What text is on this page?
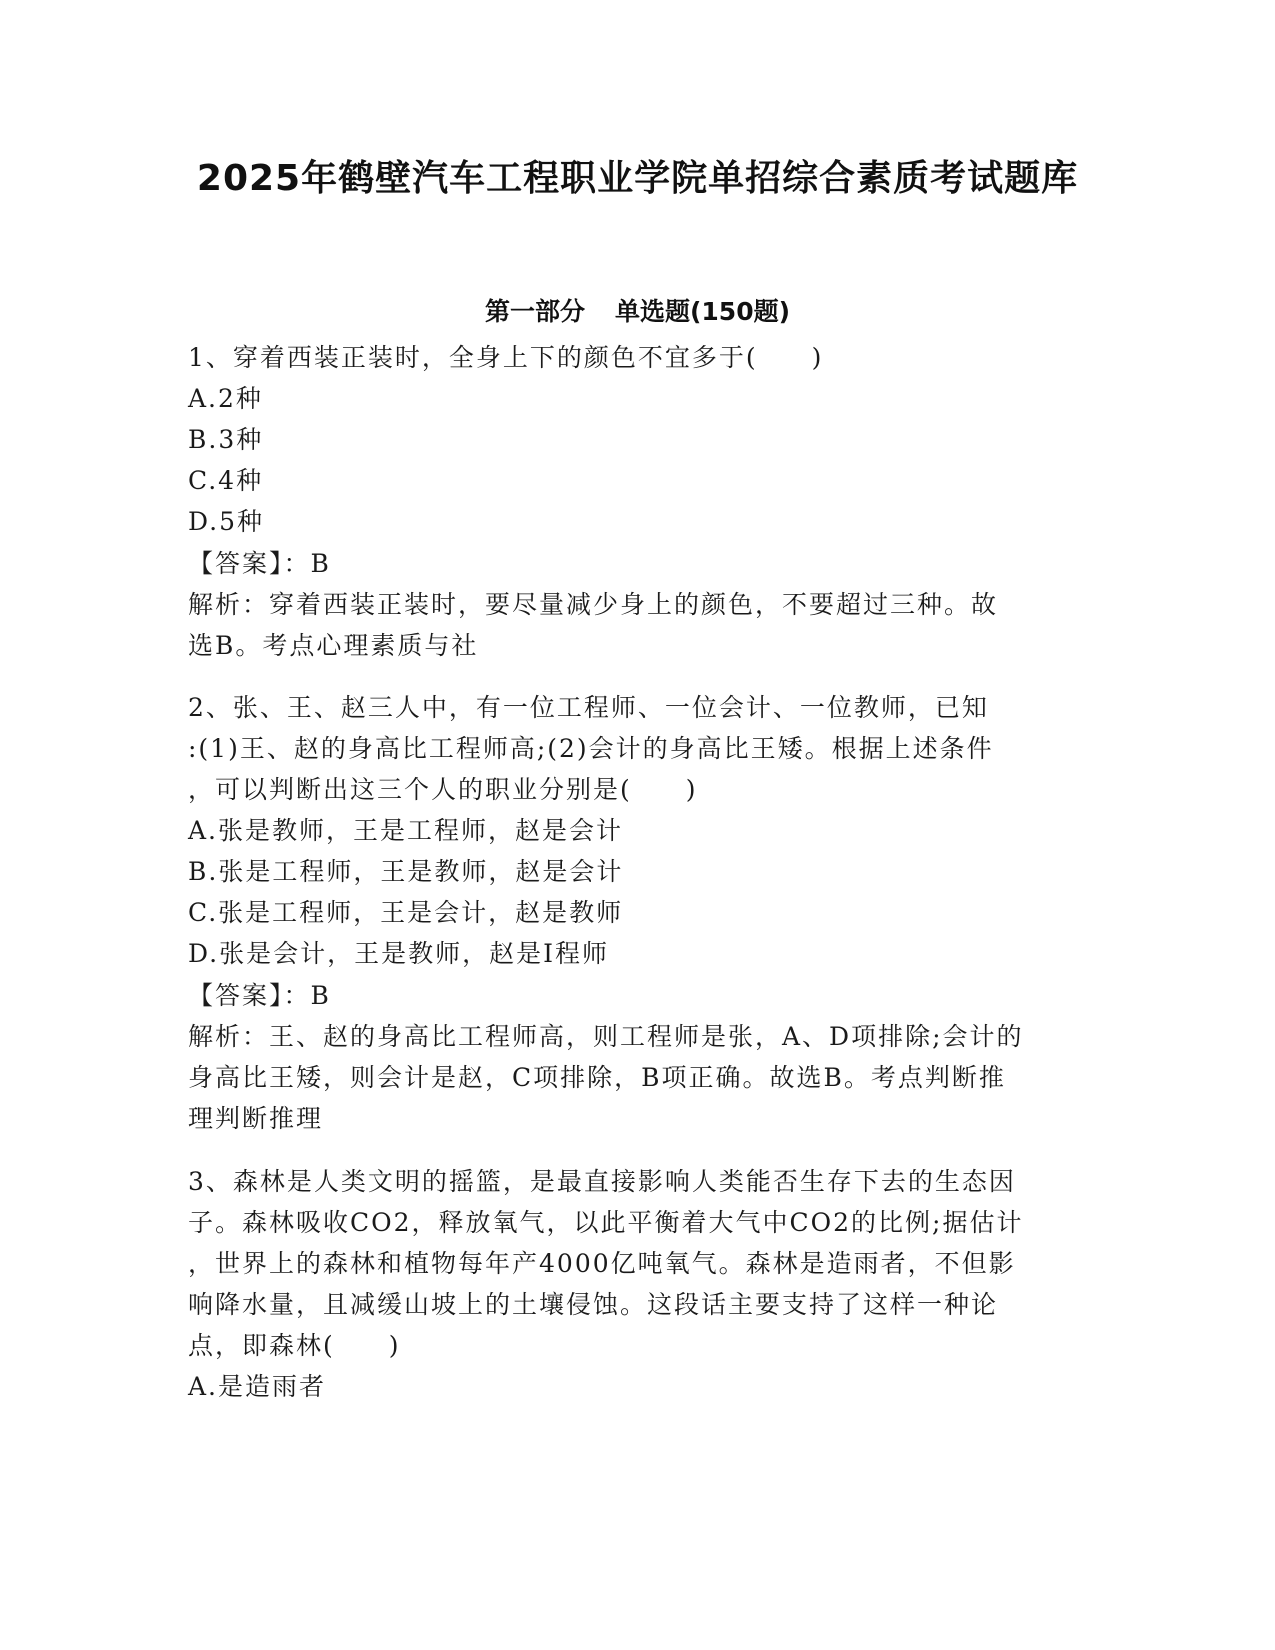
2025年鹤壁汽车工程职业学院单招综合素质考试题库
第一部分 单选题(150题)
1、穿着西装正装时，全身上下的颜色不宜多于(　　)
A.2种
B.3种
C.4种
D.5种
【答案】：B
解析：穿着西装正装时，要尽量减少身上的颜色，不要超过三种。故
选B。考点心理素质与社
2、张、王、赵三人中，有一位工程师、一位会计、一位教师，已知
:(1)王、赵的身高比工程师高;(2)会计的身高比王矮。根据上述条件
，可以判断出这三个人的职业分别是(　　)
A.张是教师，王是工程师，赵是会计
B.张是工程师，王是教师，赵是会计
C.张是工程师，王是会计，赵是教师
D.张是会计，王是教师，赵是I程师
【答案】：B
解析：王、赵的身高比工程师高，则工程师是张，A、D项排除;会计的
身高比王矮，则会计是赵，C项排除，B项正确。故选B。考点判断推
理判断推理
3、森林是人类文明的摇篮，是最直接影响人类能否生存下去的生态因
子。森林吸收CO2，释放氧气，以此平衡着大气中CO2的比例;据估计
，世界上的森林和植物每年产4000亿吨氧气。森林是造雨者，不但影
响降水量，且减缓山坡上的土壤侵蚀。这段话主要支持了这样一种论
点，即森林(　　)
A.是造雨者
